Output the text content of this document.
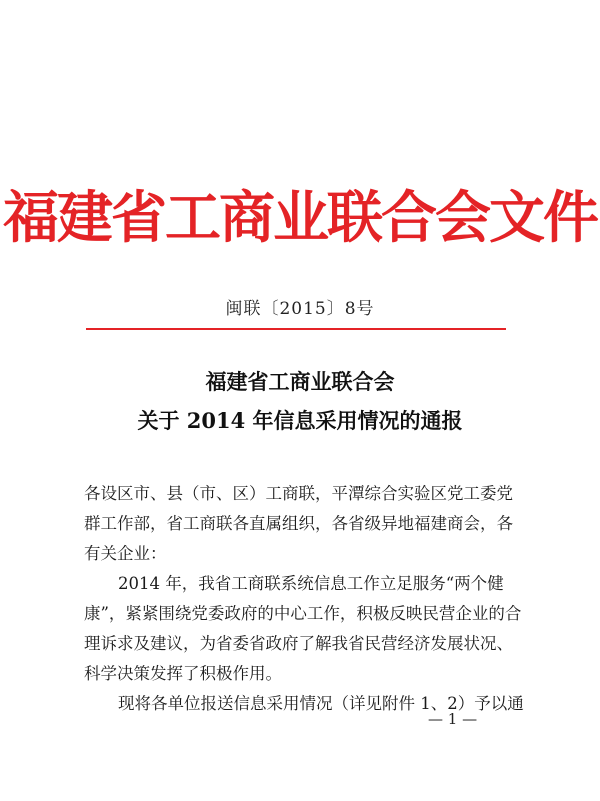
福建省工商业联合会文件
闽联〔2015〕8号
福建省工商业联合会
关于 2014 年信息采用情况的通报
各设区市、县（市、区）工商联，平潭综合实验区党工委党
群工作部，省工商联各直属组织，各省级异地福建商会，各
有关企业：
2014 年，我省工商联系统信息工作立足服务“两个健
康”，紧紧围绕党委政府的中心工作，积极反映民营企业的合
理诉求及建议，为省委省政府了解我省民营经济发展状况、
科学决策发挥了积极作用。
现将各单位报送信息采用情况（详见附件 1、2）予以通
— 1 —
